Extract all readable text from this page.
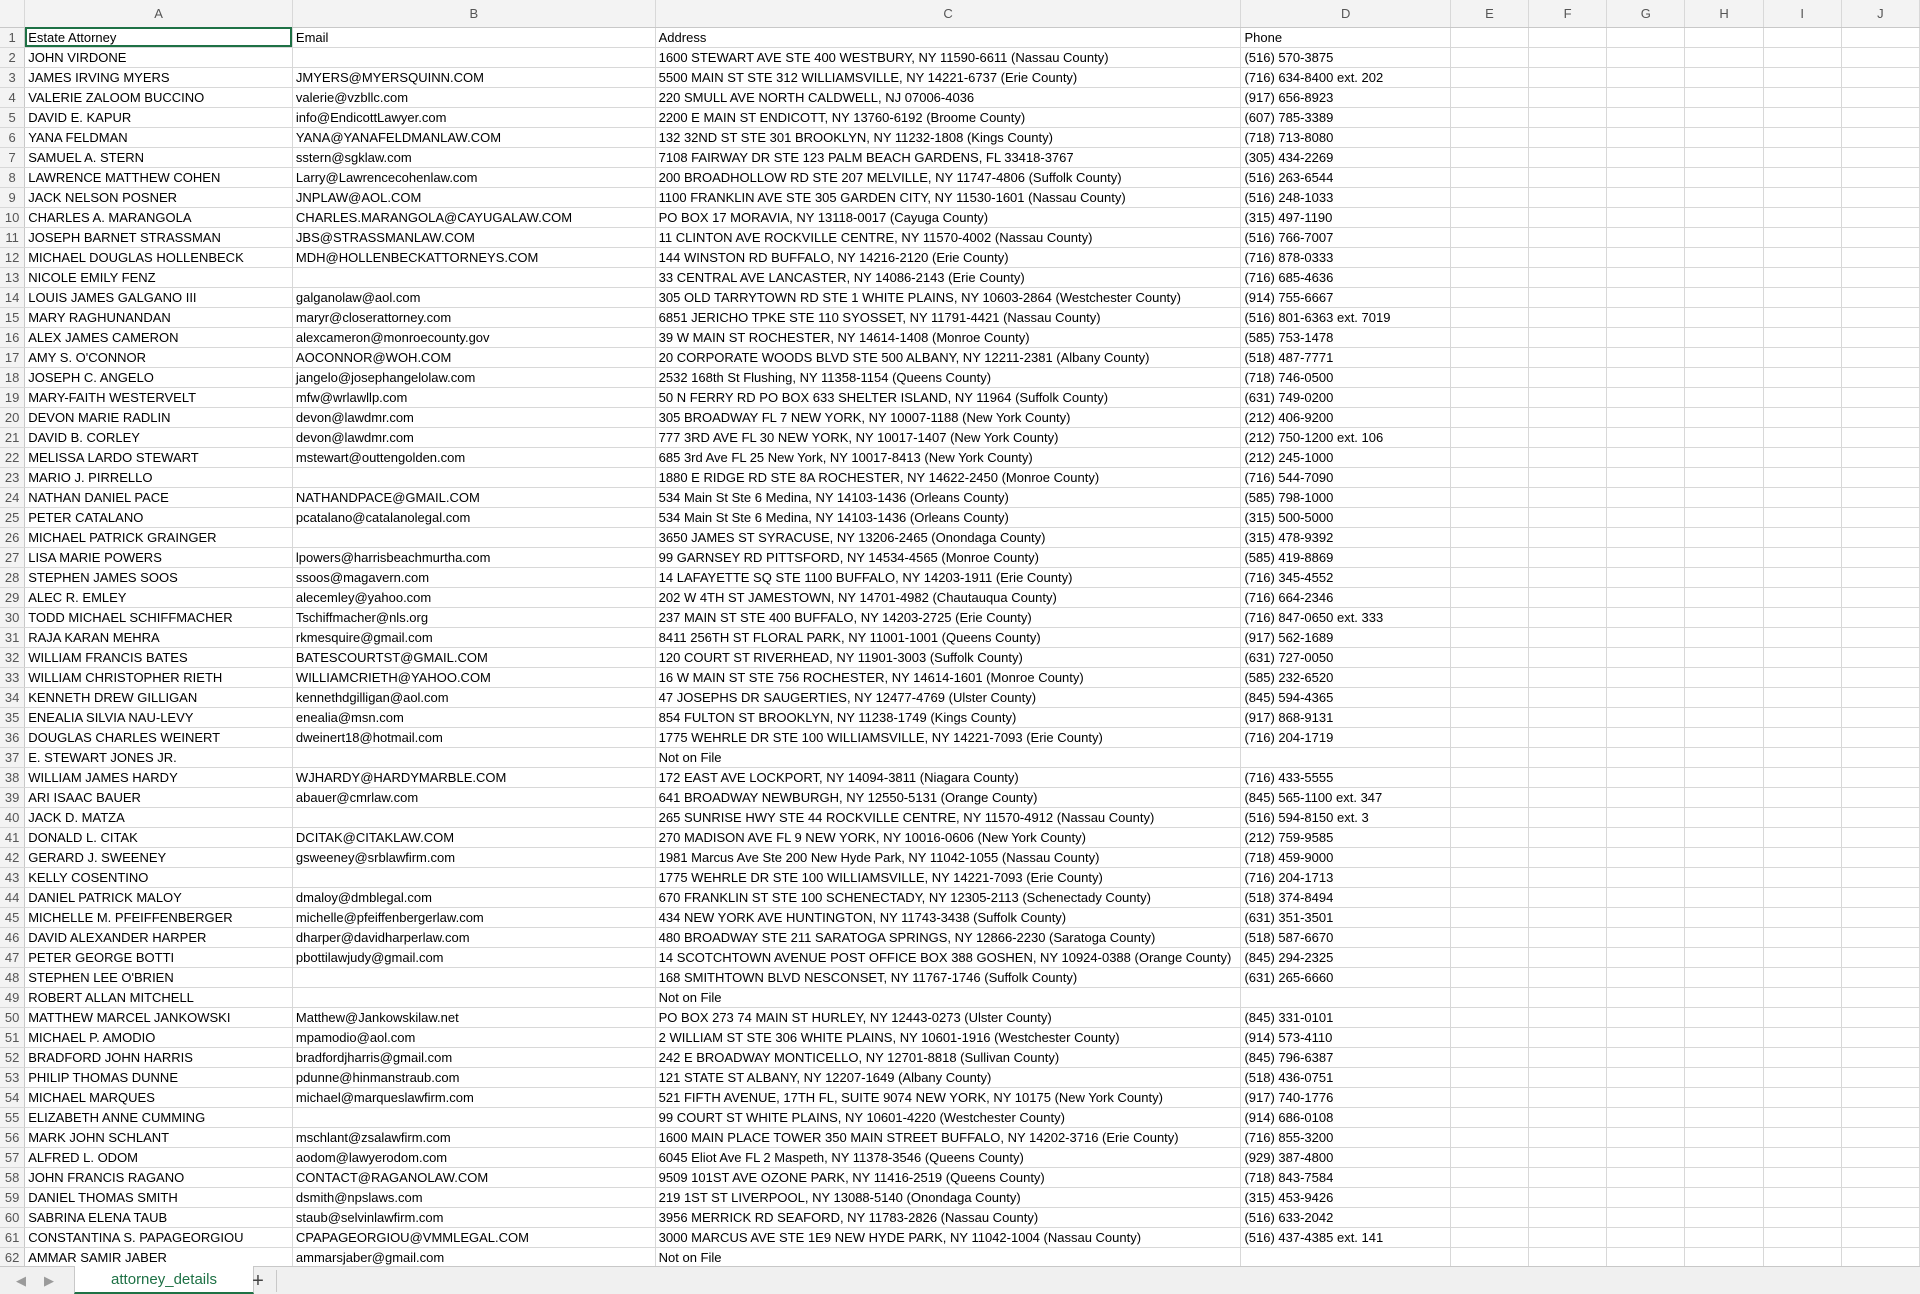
	A	B	C	D	E	F	G	H	I	J
1	Estate Attorney	Email	Address	Phone						
2	JOHN VIRDONE		1600 STEWART AVE STE 400 WESTBURY, NY 11590-6611 (Nassau County)	(516) 570-3875						
3	JAMES IRVING MYERS	JMYERS@MYERSQUINN.COM	5500 MAIN ST STE 312 WILLIAMSVILLE, NY 14221-6737 (Erie County)	(716) 634-8400 ext. 202						
4	VALERIE ZALOOM BUCCINO	valerie@vzbllc.com	220 SMULL AVE NORTH CALDWELL, NJ 07006-4036	(917) 656-8923						
5	DAVID E. KAPUR	info@EndicottLawyer.com	2200 E MAIN ST ENDICOTT, NY 13760-6192 (Broome County)	(607) 785-3389						
6	YANA FELDMAN	YANA@YANAFELDMANLAW.COM	132 32ND ST STE 301 BROOKLYN, NY 11232-1808 (Kings County)	(718) 713-8080						
7	SAMUEL A. STERN	sstern@sgklaw.com	7108 FAIRWAY DR STE 123 PALM BEACH GARDENS, FL 33418-3767	(305) 434-2269						
8	LAWRENCE MATTHEW COHEN	Larry@Lawrencecohenlaw.com	200 BROADHOLLOW RD STE 207 MELVILLE, NY 11747-4806 (Suffolk County)	(516) 263-6544						
9	JACK NELSON POSNER	JNPLAW@AOL.COM	1100 FRANKLIN AVE STE 305 GARDEN CITY, NY 11530-1601 (Nassau County)	(516) 248-1033						
10	CHARLES A. MARANGOLA	CHARLES.MARANGOLA@CAYUGALAW.COM	PO BOX 17 MORAVIA, NY 13118-0017 (Cayuga County)	(315) 497-1190						
11	JOSEPH BARNET STRASSMAN	JBS@STRASSMANLAW.COM	11 CLINTON AVE ROCKVILLE CENTRE, NY 11570-4002 (Nassau County)	(516) 766-7007						
12	MICHAEL DOUGLAS HOLLENBECK	MDH@HOLLENBECKATTORNEYS.COM	144 WINSTON RD BUFFALO, NY 14216-2120 (Erie County)	(716) 878-0333						
13	NICOLE EMILY FENZ		33 CENTRAL AVE LANCASTER, NY 14086-2143 (Erie County)	(716) 685-4636						
14	LOUIS JAMES GALGANO III	galganolaw@aol.com	305 OLD TARRYTOWN RD STE 1 WHITE PLAINS, NY 10603-2864 (Westchester County)	(914) 755-6667						
15	MARY RAGHUNANDAN	maryr@closerattorney.com	6851 JERICHO TPKE STE 110 SYOSSET, NY 11791-4421 (Nassau County)	(516) 801-6363 ext. 7019						
16	ALEX JAMES CAMERON	alexcameron@monroecounty.gov	39 W MAIN ST ROCHESTER, NY 14614-1408 (Monroe County)	(585) 753-1478						
17	AMY S. O'CONNOR	AOCONNOR@WOH.COM	20 CORPORATE WOODS BLVD STE 500 ALBANY, NY 12211-2381 (Albany County)	(518) 487-7771						
18	JOSEPH C. ANGELO	jangelo@josephangelolaw.com	2532 168th St Flushing, NY 11358-1154 (Queens County)	(718) 746-0500						
19	MARY-FAITH WESTERVELT	mfw@wrlawllp.com	50 N FERRY RD PO BOX 633 SHELTER ISLAND, NY 11964 (Suffolk County)	(631) 749-0200						
20	DEVON MARIE RADLIN	devon@lawdmr.com	305 BROADWAY FL 7 NEW YORK, NY 10007-1188 (New York County)	(212) 406-9200						
21	DAVID B. CORLEY	devon@lawdmr.com	777 3RD AVE FL 30 NEW YORK, NY 10017-1407 (New York County)	(212) 750-1200 ext. 106						
22	MELISSA LARDO STEWART	mstewart@outtengolden.com	685 3rd Ave FL 25 New York, NY 10017-8413 (New York County)	(212) 245-1000						
23	MARIO J. PIRRELLO		1880 E RIDGE RD STE 8A ROCHESTER, NY 14622-2450 (Monroe County)	(716) 544-7090						
24	NATHAN DANIEL PACE	NATHANDPACE@GMAIL.COM	534 Main St Ste 6 Medina, NY 14103-1436 (Orleans County)	(585) 798-1000						
25	PETER CATALANO	pcatalano@catalanolegal.com	534 Main St Ste 6 Medina, NY 14103-1436 (Orleans County)	(315) 500-5000						
26	MICHAEL PATRICK GRAINGER		3650 JAMES ST SYRACUSE, NY 13206-2465 (Onondaga County)	(315) 478-9392						
27	LISA MARIE POWERS	lpowers@harrisbeachmurtha.com	99 GARNSEY RD PITTSFORD, NY 14534-4565 (Monroe County)	(585) 419-8869						
28	STEPHEN JAMES SOOS	ssoos@magavern.com	14 LAFAYETTE SQ STE 1100 BUFFALO, NY 14203-1911 (Erie County)	(716) 345-4552						
29	ALEC R. EMLEY	alecemley@yahoo.com	202 W 4TH ST JAMESTOWN, NY 14701-4982 (Chautauqua County)	(716) 664-2346						
30	TODD MICHAEL SCHIFFMACHER	Tschiffmacher@nls.org	237 MAIN ST STE 400 BUFFALO, NY 14203-2725 (Erie County)	(716) 847-0650 ext. 333						
31	RAJA KARAN MEHRA	rkmesquire@gmail.com	8411 256TH ST FLORAL PARK, NY 11001-1001 (Queens County)	(917) 562-1689						
32	WILLIAM FRANCIS BATES	BATESCOURTST@GMAIL.COM	120 COURT ST RIVERHEAD, NY 11901-3003 (Suffolk County)	(631) 727-0050						
33	WILLIAM CHRISTOPHER RIETH	WILLIAMCRIETH@YAHOO.COM	16 W MAIN ST STE 756 ROCHESTER, NY 14614-1601 (Monroe County)	(585) 232-6520						
34	KENNETH DREW GILLIGAN	kennethdgilligan@aol.com	47 JOSEPHS DR SAUGERTIES, NY 12477-4769 (Ulster County)	(845) 594-4365						
35	ENEALIA SILVIA NAU-LEVY	enealia@msn.com	854 FULTON ST BROOKLYN, NY 11238-1749 (Kings County)	(917) 868-9131						
36	DOUGLAS CHARLES WEINERT	dweinert18@hotmail.com	1775 WEHRLE DR STE 100 WILLIAMSVILLE, NY 14221-7093 (Erie County)	(716) 204-1719						
37	E. STEWART JONES JR.		Not on File							
38	WILLIAM JAMES HARDY	WJHARDY@HARDYMARBLE.COM	172 EAST AVE LOCKPORT, NY 14094-3811 (Niagara County)	(716) 433-5555						
39	ARI ISAAC BAUER	abauer@cmrlaw.com	641 BROADWAY NEWBURGH, NY 12550-5131 (Orange County)	(845) 565-1100 ext. 347						
40	JACK D. MATZA		265 SUNRISE HWY STE 44 ROCKVILLE CENTRE, NY 11570-4912 (Nassau County)	(516) 594-8150 ext. 3						
41	DONALD L. CITAK	DCITAK@CITAKLAW.COM	270 MADISON AVE FL 9 NEW YORK, NY 10016-0606 (New York County)	(212) 759-9585						
42	GERARD J. SWEENEY	gsweeney@srblawfirm.com	1981 Marcus Ave Ste 200 New Hyde Park, NY 11042-1055 (Nassau County)	(718) 459-9000						
43	KELLY COSENTINO		1775 WEHRLE DR STE 100 WILLIAMSVILLE, NY 14221-7093 (Erie County)	(716) 204-1713						
44	DANIEL PATRICK MALOY	dmaloy@dmblegal.com	670 FRANKLIN ST STE 100 SCHENECTADY, NY 12305-2113 (Schenectady County)	(518) 374-8494						
45	MICHELLE M. PFEIFFENBERGER	michelle@pfeiffenbergerlaw.com	434 NEW YORK AVE HUNTINGTON, NY 11743-3438 (Suffolk County)	(631) 351-3501						
46	DAVID ALEXANDER HARPER	dharper@davidharperlaw.com	480 BROADWAY STE 211 SARATOGA SPRINGS, NY 12866-2230 (Saratoga County)	(518) 587-6670						
47	PETER GEORGE BOTTI	pbottilawjudy@gmail.com	14 SCOTCHTOWN AVENUE POST OFFICE BOX 388 GOSHEN, NY 10924-0388 (Orange County)	(845) 294-2325						
48	STEPHEN LEE O'BRIEN		168 SMITHTOWN BLVD NESCONSET, NY 11767-1746 (Suffolk County)	(631) 265-6660						
49	ROBERT ALLAN MITCHELL		Not on File							
50	MATTHEW MARCEL JANKOWSKI	Matthew@Jankowskilaw.net	PO BOX 273 74 MAIN ST HURLEY, NY 12443-0273 (Ulster County)	(845) 331-0101						
51	MICHAEL P. AMODIO	mpamodio@aol.com	2 WILLIAM ST STE 306 WHITE PLAINS, NY 10601-1916 (Westchester County)	(914) 573-4110						
52	BRADFORD JOHN HARRIS	bradfordjharris@gmail.com	242 E BROADWAY MONTICELLO, NY 12701-8818 (Sullivan County)	(845) 796-6387						
53	PHILIP THOMAS DUNNE	pdunne@hinmanstraub.com	121 STATE ST ALBANY, NY 12207-1649 (Albany County)	(518) 436-0751						
54	MICHAEL MARQUES	michael@marqueslawfirm.com	521 FIFTH AVENUE, 17TH FL, SUITE 9074 NEW YORK, NY 10175 (New York County)	(917) 740-1776						
55	ELIZABETH ANNE CUMMING		99 COURT ST WHITE PLAINS, NY 10601-4220 (Westchester County)	(914) 686-0108						
56	MARK JOHN SCHLANT	mschlant@zsalawfirm.com	1600 MAIN PLACE TOWER 350 MAIN STREET BUFFALO, NY 14202-3716 (Erie County)	(716) 855-3200						
57	ALFRED L. ODOM	aodom@lawyerodom.com	6045 Eliot Ave FL 2 Maspeth, NY 11378-3546 (Queens County)	(929) 387-4800						
58	JOHN FRANCIS RAGANO	CONTACT@RAGANOLAW.COM	9509 101ST AVE OZONE PARK, NY 11416-2519 (Queens County)	(718) 843-7584						
59	DANIEL THOMAS SMITH	dsmith@npslaws.com	219 1ST ST LIVERPOOL, NY 13088-5140 (Onondaga County)	(315) 453-9426						
60	SABRINA ELENA TAUB	staub@selvinlawfirm.com	3956 MERRICK RD SEAFORD, NY 11783-2826 (Nassau County)	(516) 633-2042						
61	CONSTANTINA S. PAPAGEORGIOU	CPAPAGEORGIOU@VMMLEGAL.COM	3000 MARCUS AVE STE 1E9 NEW HYDE PARK, NY 11042-1004 (Nassau County)	(516) 437-4385 ext. 141						
62	AMMAR SAMIR JABER	ammarsjaber@gmail.com	Not on File							

◀	▶	attorney_details	+
